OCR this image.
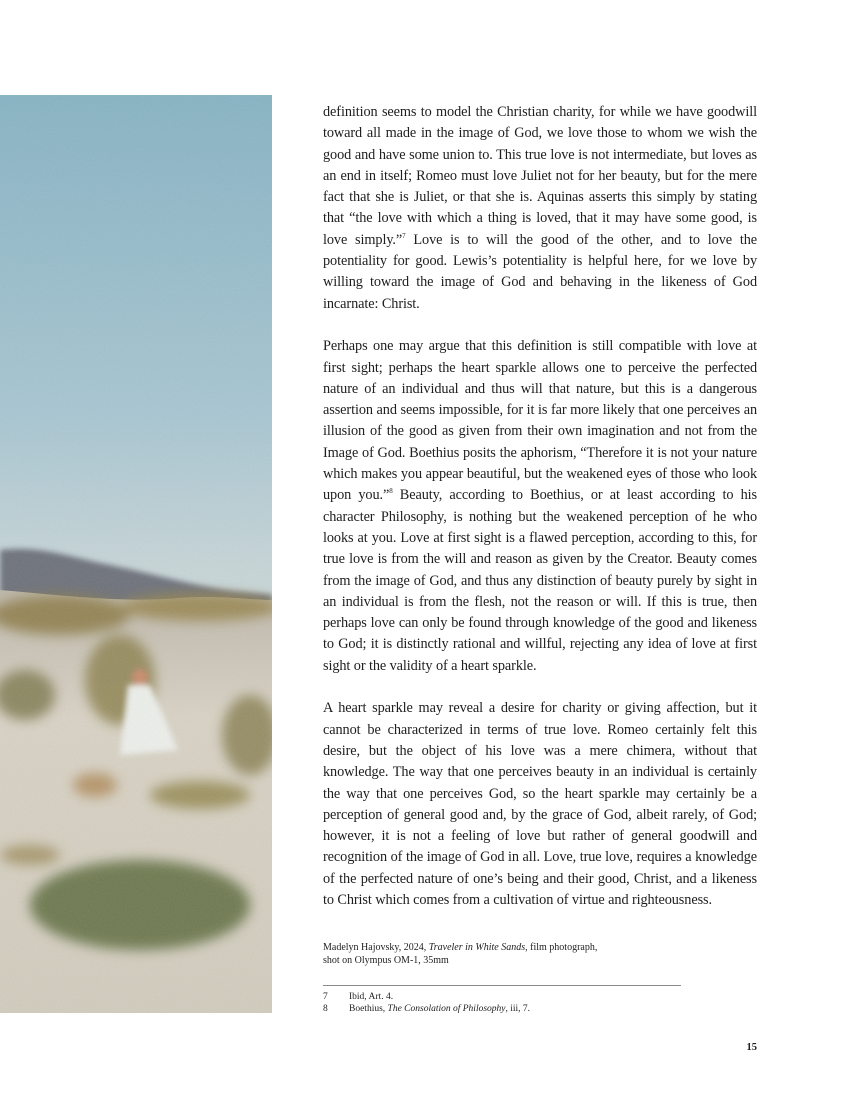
definition seems to model the Christian charity, for while we have goodwill toward all made in the image of God, we love those to whom we wish the good and have some union to. This true love is not intermediate, but loves as an end in itself; Romeo must love Juliet not for her beauty, but for the mere fact that she is Juliet, or that she is. Aquinas asserts this simply by stating that “the love with which a thing is loved, that it may have some good, is love simply.”$^7$ Love is to will the good of the other, and to love the potentiality for good. Lewis’s potentiality is helpful here, for we love by willing toward the image of God and behaving in the likeness of God incarnate: Christ.

Perhaps one may argue that this definition is still compatible with love at first sight; perhaps the heart sparkle allows one to perceive the perfected nature of an individual and thus will that nature, but this is a dangerous assertion and seems impossible, for it is far more likely that one perceives an illusion of the good as given from their own imagination and not from the Image of God. Boethius posits the aphorism, “Therefore it is not your nature which makes you appear beautiful, but the weakened eyes of those who look upon you.”$^8$ Beauty, according to Boethius, or at least according to his character Philosophy, is nothing but the weakened perception of he who looks at you. Love at first sight is a flawed perception, according to this, for true love is from the will and reason as given by the Creator. Beauty comes from the image of God, and thus any distinction of beauty purely by sight in an individual is from the flesh, not the reason or will. If this is true, then perhaps love can only be found through knowledge of the good and likeness to God; it is distinctly rational and willful, rejecting any idea of love at first sight or the validity of a heart sparkle.

A heart sparkle may reveal a desire for charity or giving affection, but it cannot be characterized in terms of true love. Romeo certainly felt this desire, but the object of his love was a mere chimera, without that knowledge. The way that one perceives beauty in an individual is certainly the way that one perceives God, so the heart sparkle may certainly be a perception of general good and, by the grace of God, albeit rarely, of God; however, it is not a feeling of love but rather of general goodwill and recognition of the image of God in all. Love, true love, requires a knowledge of the perfected nature of one’s being and their good, Christ, and a likeness to Christ which comes from a cultivation of virtue and righteousness.

Madelyn Hajovsky, 2024, Traveler in White Sands, film photograph,
shot on Olympus OM-1, 35mm
7	Ibid, Art. 4.
8	Boethius, The Consolation of Philosophy, iii, 7.
15
